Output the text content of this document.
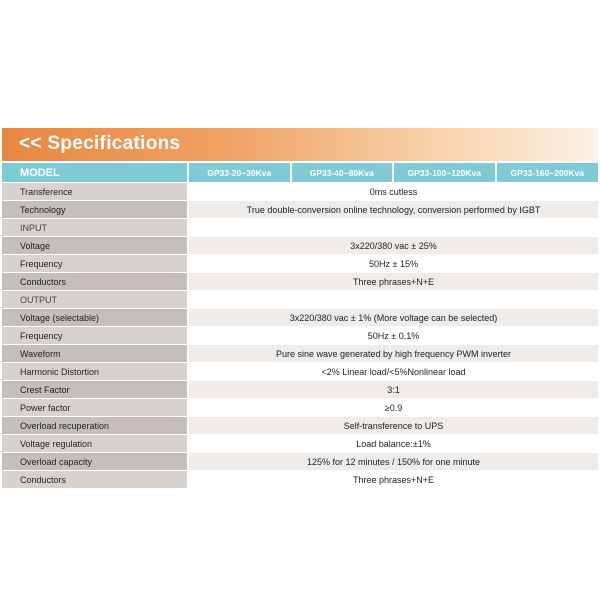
<< Specifications
MODEL	GP33-20~30Kva	GP33-40~80Kva	GP33-100~120Kva	GP33-160~200Kva
Transference	0ms cutless			
Technology	True double-conversion online technology, conversion performed by IGBT			
INPUT				
Voltage	3x220/380 vac ± 25%			
Frequency	50Hz ± 15%			
Conductors	Three phrases+N+E			
OUTPUT				
Voltage (selectable)	3x220/380 vac ± 1% (More voltage can be selected)			
Frequency	50Hz ± 0.1%			
Waveform	Pure sine wave generated by high frequency PWM inverter			
Harmonic Distortion	<2% Linear load/<5%Nonlinear load			
Crest Factor	3:1			
Power factor	≥0.9			
Overload recuperation	Self-transference to UPS			
Voltage regulation	Load balance:±1%			
Overload capacity	125% for 12 minutes / 150% for one minute			
Conductors	Three phrases+N+E			
